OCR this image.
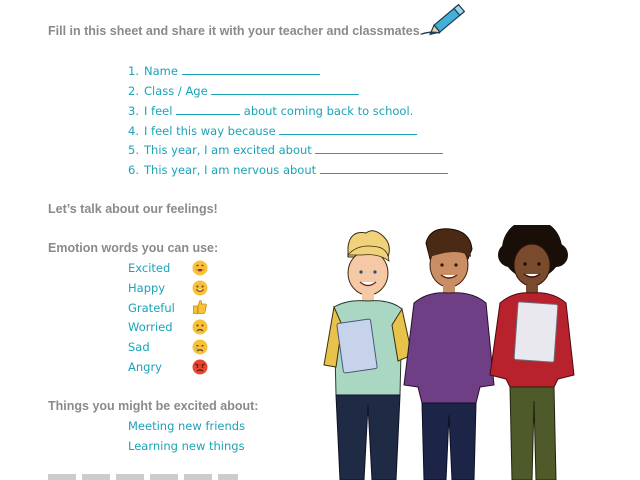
Fill in this sheet and share it with your teacher and classmates.
1. Name
2. Class / Age
3. I feel	about coming back to school.
4. I feel this way because
5. This year, I am excited about
6. This year, I am nervous about
Let’s talk about our feelings!
Emotion words you can use:
Excited
Happy
Grateful
Worried
Sad
Angry
Things you might be excited about:
Meeting new friends
Learning new things
